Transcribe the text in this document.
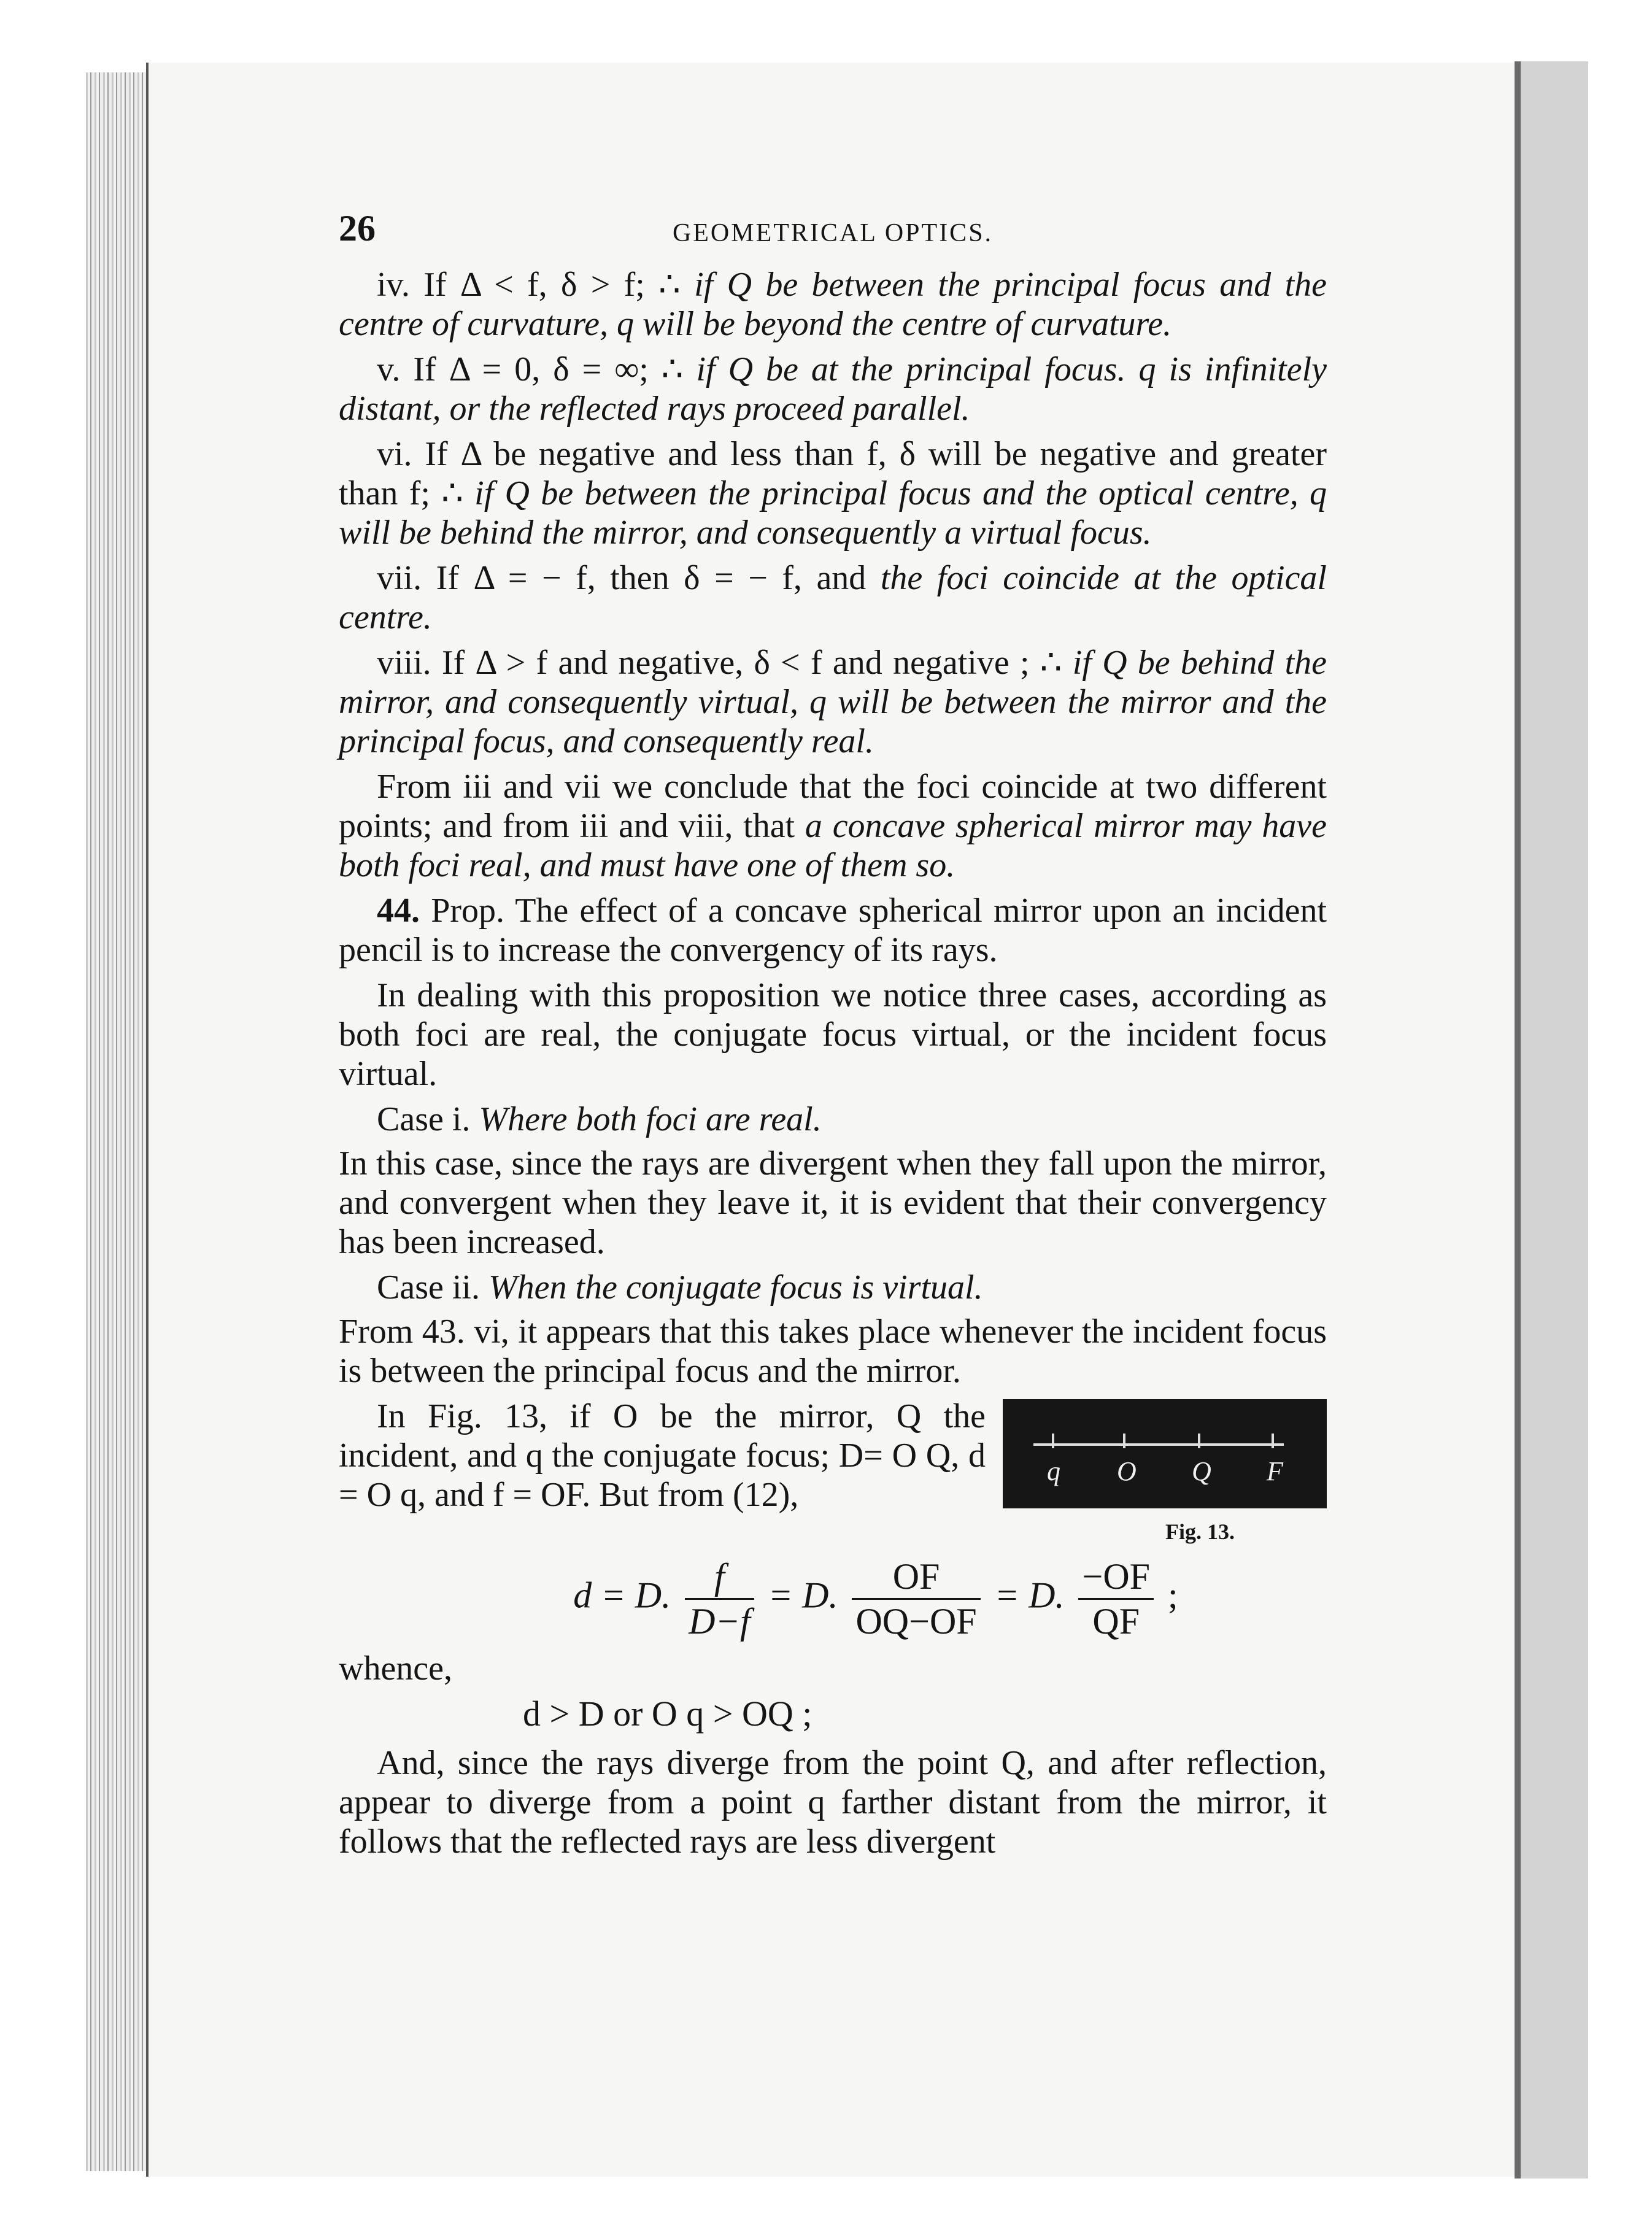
26	GEOMETRICAL OPTICS.

iv. If Δ < f, δ > f; ∴ if Q be between the principal focus and the centre of curvature, q will be beyond the centre of curvature.

v. If Δ = 0, δ = ∞; ∴ if Q be at the principal focus. q is infinitely distant, or the reflected rays proceed parallel.

vi. If Δ be negative and less than f, δ will be negative and greater than f; ∴ if Q be between the principal focus and the optical centre, q will be behind the mirror, and consequently a virtual focus.

vii. If Δ = − f, then δ = − f, and the foci coincide at the optical centre.

viii. If Δ > f and negative, δ < f and negative ; ∴ if Q be behind the mirror, and consequently virtual, q will be between the mirror and the principal focus, and consequently real.

From iii and vii we conclude that the foci coincide at two different points; and from iii and viii, that a concave spherical mirror may have both foci real, and must have one of them so.

44. Prop. The effect of a concave spherical mirror upon an incident pencil is to increase the convergency of its rays.

In dealing with this proposition we notice three cases, according as both foci are real, the conjugate focus virtual, or the incident focus virtual.

Case i. Where both foci are real.

In this case, since the rays are divergent when they fall upon the mirror, and convergent when they leave it, it is evident that their convergency has been increased.

Case ii. When the conjugate focus is virtual.

From 43. vi, it appears that this takes place whenever the incident focus is between the principal focus and the mirror.

q O Q F
Fig. 13.

In Fig. 13, if O be the mirror, Q the incident, and q the conjugate focus; D= O Q, d = O q, and f = OF. But from (12),

d = D. $\frac{f}{D-f} = D$. $\frac{OF}{OQ-OF} = D$. $\frac{-OF}{QF}$ ;

whence,

d > D or O q > OQ ;

And, since the rays diverge from the point Q, and after reflection, appear to diverge from a point q farther distant from the mirror, it follows that the reflected rays are less divergent
